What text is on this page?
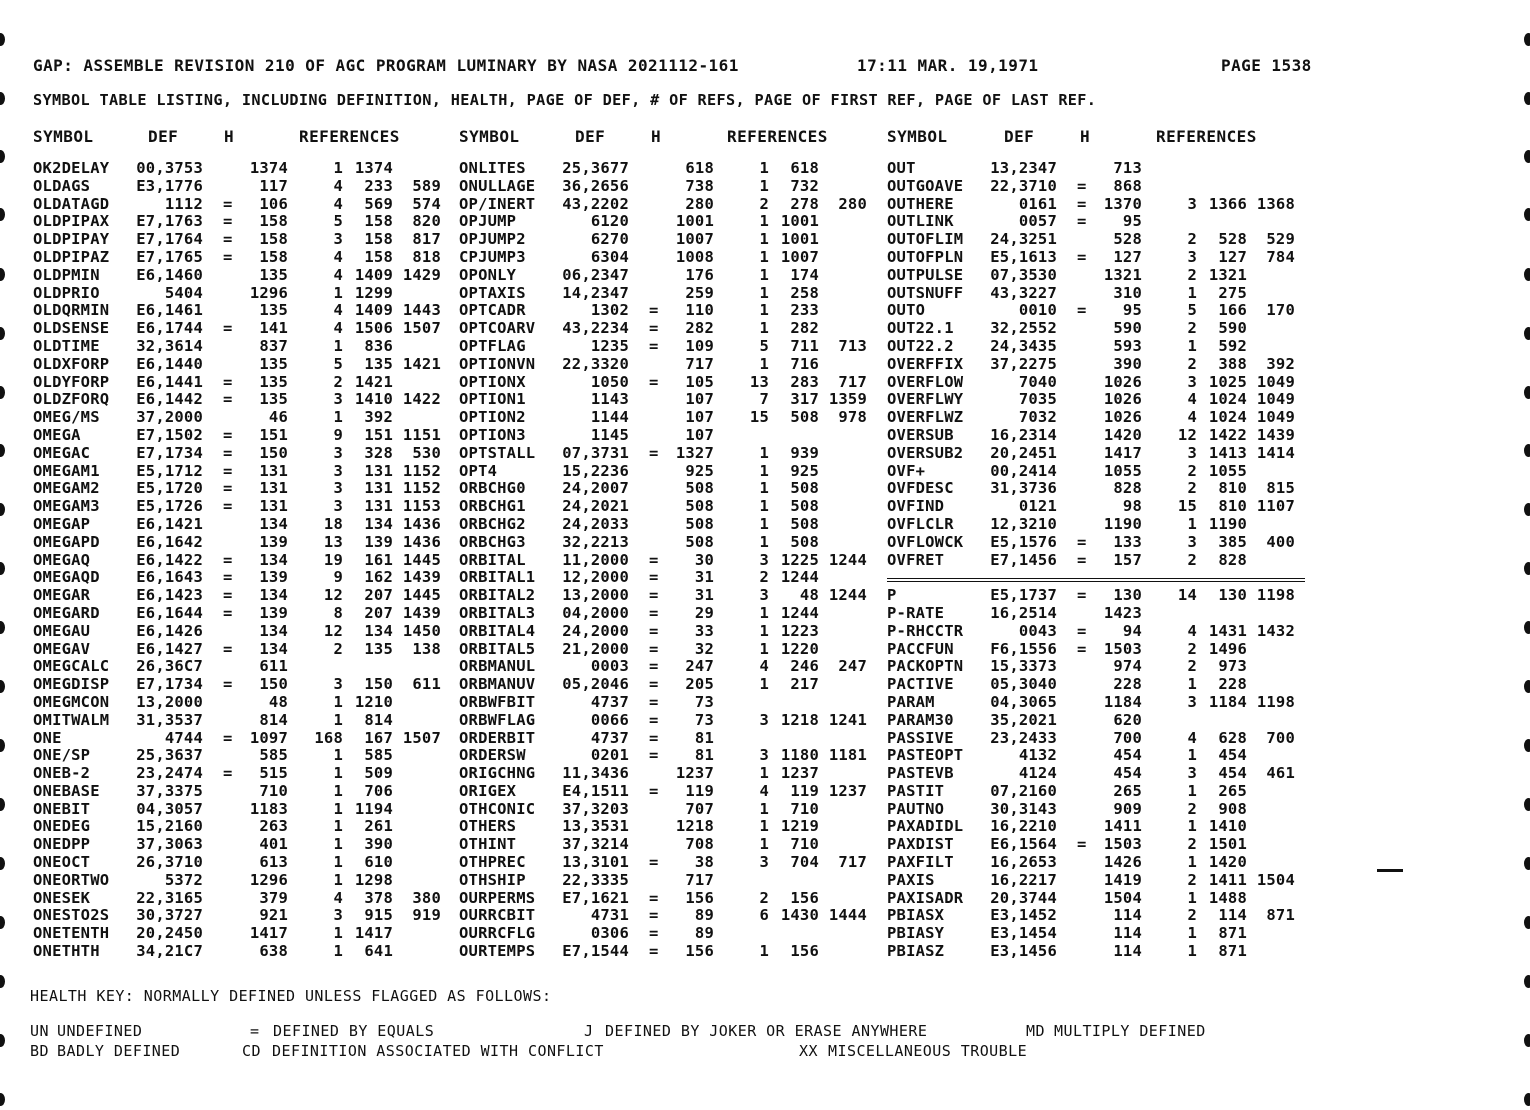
GAP: ASSEMBLE REVISION 210 OF AGC PROGRAM LUMINARY BY NASA 2021112-161	17:11 MAR. 19,1971	PAGE 1538
SYMBOL TABLE LISTING, INCLUDING DEFINITION, HEALTH, PAGE OF DEF, # OF REFS, PAGE OF FIRST REF, PAGE OF LAST REF.
SYMBOL	DEF	H	REFERENCES	SYMBOL	DEF	H	REFERENCES	SYMBOL	DEF	H	REFERENCES
OK2DELAY	00,3753	1374	1 1374
OLDAGS	E3,1776	117	4	233	589
OLDATAGD	1112 =	106	4	569	574
OLDPIPAX	E7,1763 =	158	5	158	820
OLDPIPAY	E7,1764 =	158	3	158	817
OLDPIPAZ	E7,1765 =	158	4	158	818
OLDPMIN	E6,1460	135	4 1409 1429
OLDPRIO	5404	1296	1 1299
OLDQRMIN	E6,1461	135	4 1409 1443
OLDSENSE	E6,1744 =	141	4 1506 1507
OLDTIME	32,3614	837	1	836
OLDXFORP	E6,1440	135	5	135 1421
OLDYFORP	E6,1441 =	135	2 1421
OLDZFORQ	E6,1442 =	135	3 1410 1422
OMEG/MS	37,2000	46	1	392
OMEGA	E7,1502 =	151	9	151 1151
OMEGAC	E7,1734 =	150	3	328	530
OMEGAM1	E5,1712 =	131	3	131 1152
OMEGAM2	E5,1720 =	131	3	131 1152
OMEGAM3	E5,1726 =	131	3	131 1153
OMEGAP	E6,1421	134	18	134 1436
OMEGAPD	E6,1642	139	13	139 1436
OMEGAQ	E6,1422 =	134	19	161 1445
OMEGAQD	E6,1643 =	139	9	162 1439
OMEGAR	E6,1423 =	134	12	207 1445
OMEGARD	E6,1644 =	139	8	207 1439
OMEGAU	E6,1426	134	12	134 1450
OMEGAV	E6,1427 =	134	2	135	138
OMEGCALC	26,36C7	611
OMEGDISP	E7,1734 =	150	3	150	611
OMEGMCON	13,2000	48	1 1210
OMITWALM	31,3537	814	1	814
ONE	4744 =	1097	168	167 1507
ONE/SP	25,3637	585	1	585
ONEB-2	23,2474 =	515	1	509
ONEBASE	37,3375	710	1	706
ONEBIT	04,3057	1183	1 1194
ONEDEG	15,2160	263	1	261
ONEDPP	37,3063	401	1	390
ONEOCT	26,3710	613	1	610
ONEORTWO	5372	1296	1 1298
ONESEK	22,3165	379	4	378	380
ONESTO2S	30,3727	921	3	915	919
ONETENTH	20,2450	1417	1 1417
ONETHTH	34,21C7	638	1	641
ONLITES	25,3677	618	1	618
ONULLAGE	36,2656	738	1	732
OP/INERT	43,2202	280	2	278	280
OPJUMP	6120	1001	1 1001
OPJUMP2	6270	1007	1 1001
CPJUMP3	6304	1008	1 1007
OPONLY	06,2347	176	1	174
OPTAXIS	14,2347	259	1	258
OPTCADR	1302 =	110	1	233
OPTCOARV	43,2234 =	282	1	282
OPTFLAG	1235 =	109	5	711	713
OPTIONVN	22,3320	717	1	716
OPTIONX	1050 =	105	13	283	717
OPTION1	1143	107	7	317 1359
OPTION2	1144	107	15	508	978
OPTION3	1145	107
OPTSTALL	07,3731 =	1327	1	939
OPT4	15,2236	925	1	925
ORBCHG0	24,2007	508	1	508
ORBCHG1	24,2021	508	1	508
ORBCHG2	24,2033	508	1	508
ORBCHG3	32,2213	508	1	508
ORBITAL	11,2000 =	30	3 1225 1244
ORBITAL1	12,2000 =	31	2 1244
ORBITAL2	13,2000 =	31	3	48 1244
ORBITAL3	04,2000 =	29	1 1244
ORBITAL4	24,2000 =	33	1 1223
ORBITAL5	21,2000 =	32	1 1220
ORBMANUL	0003 =	247	4	246	247
ORBMANUV	05,2046 =	205	1	217
ORBWFBIT	4737 =	73
ORBWFLAG	0066 =	73	3 1218 1241
ORDERBIT	4737 =	81
ORDERSW	0201 =	81	3 1180 1181
ORIGCHNG	11,3436	1237	1 1237
ORIGEX	E4,1511 =	119	4	119 1237
OTHCONIC	37,3203	707	1	710
OTHERS	13,3531	1218	1 1219
OTHINT	37,3214	708	1	710
OTHPREC	13,3101 =	38	3	704	717
OTHSHIP	22,3335	717
OURPERMS	E7,1621 =	156	2	156
OURRCBIT	4731 =	89	6 1430 1444
OURRCFLG	0306 =	89
OURTEMPS	E7,1544 =	156	1	156
OUT	13,2347	713
OUTGOAVE	22,3710 =	868
OUTHERE	0161 =	1370	3 1366 1368
OUTLINK	0057 =	95
OUTOFLIM	24,3251	528	2	528	529
OUTOFPLN	E5,1613 =	127	3	127	784
OUTPULSE	07,3530	1321	2 1321
OUTSNUFF	43,3227	310	1	275
OUTO	0010 =	95	5	166	170
OUT22.1	32,2552	590	2	590
OUT22.2	24,3435	593	1	592
OVERFFIX	37,2275	390	2	388	392
OVERFLOW	7040	1026	3 1025 1049
OVERFLWY	7035	1026	4 1024 1049
OVERFLWZ	7032	1026	4 1024 1049
OVERSUB	16,2314	1420	12 1422 1439
OVERSUB2	20,2451	1417	3 1413 1414
OVF+	00,2414	1055	2 1055
OVFDESC	31,3736	828	2	810	815
OVFIND	0121	98	15	810 1107
OVFLCLR	12,3210	1190	1 1190
OVFLOWCK	E5,1576 =	133	3	385	400
OVFRET	E7,1456 =	157	2	828
P	E5,1737 =	130	14	130 1198
P-RATE	16,2514	1423
P-RHCCTR	0043 =	94	4 1431 1432
PACCFUN	F6,1556 =	1503	2 1496
PACKOPTN	15,3373	974	2	973
PACTIVE	05,3040	228	1	228
PARAM	04,3065	1184	3 1184 1198
PARAM30	35,2021	620
PASSIVE	23,2433	700	4	628	700
PASTEOPT	4132	454	1	454
PASTEVB	4124	454	3	454	461
PASTIT	07,2160	265	1	265
PAUTNO	30,3143	909	2	908
PAXADIDL	16,2210	1411	1 1410
PAXDIST	E6,1564 =	1503	2 1501
PAXFILT	16,2653	1426	1 1420
PAXIS	16,2217	1419	2 1411 1504
PAXISADR	20,3744	1504	1 1488
PBIASX	E3,1452	114	2	114	871
PBIASY	E3,1454	114	1	871
PBIASZ	E3,1456	114	1	871
HEALTH KEY: NORMALLY DEFINED UNLESS FLAGGED AS FOLLOWS:
UN UNDEFINED	= DEFINED BY EQUALS	J DEFINED BY JOKER OR ERASE ANYWHERE	MD MULTIPLY DEFINED
BD BADLY DEFINED	CD DEFINITION ASSOCIATED WITH CONFLICT	XX MISCELLANEOUS TROUBLE
